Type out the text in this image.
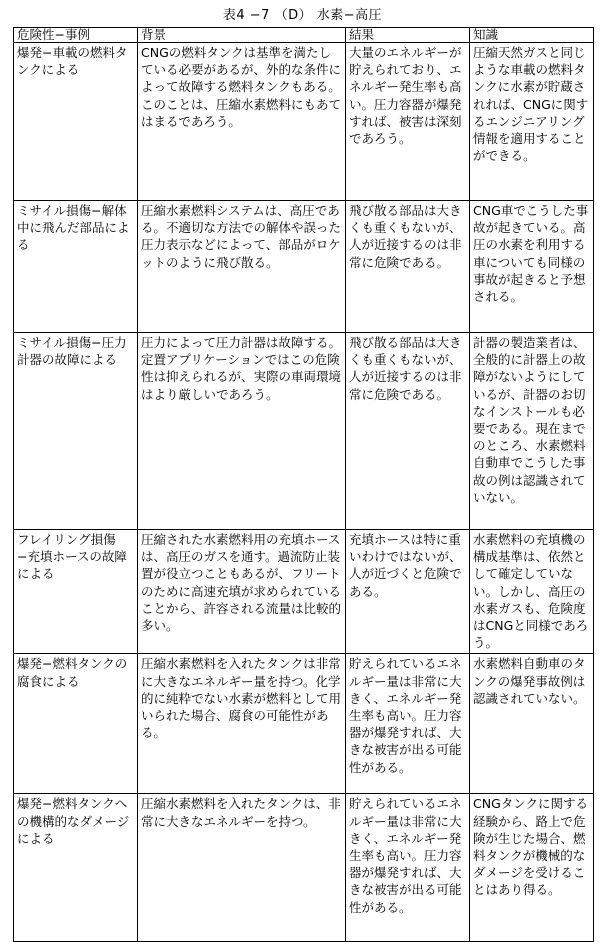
表4 −7 （D） 水素−高圧
危険性−事例	背景	結果	知識
爆発−車載の燃料タンクによる	CNGの燃料タンクは基準を満たしている必要があるが、外的な条件によって故障する燃料タンクもある。このことは、圧縮水素燃料にもあてはまるであろう。	大量のエネルギーが貯えられており、エネルギー発生率も高い。圧力容器が爆発すれば、被害は深刻であろう。	圧縮天然ガスと同じような車載の燃料タンクに水素が貯蔵されれば、CNGに関するエンジニアリング情報を適用することができる。
ミサイル損傷−解体中に飛んだ部品による	圧縮水素燃料システムは、高圧である。不適切な方法での解体や誤った圧力表示などによって、部品がロケットのように飛び散る。	飛び散る部品は大きくも重くもないが、人が近接するのは非常に危険である。	CNG車でこうした事故が起きている。高圧の水素を利用する車についても同様の事故が起きると予想される。
ミサイル損傷−圧力計器の故障による	圧力によって圧力計器は故障する。定置アプリケーションではこの危険性は抑えられるが、実際の車両環境はより厳しいであろう。	飛び散る部品は大きくも重くもないが、人が近接するのは非常に危険である。	計器の製造業者は、全般的に計器上の故障がないようにしているが、計器のお切なインストールも必要である。現在までのところ、水素燃料自動車でこうした事故の例は認識されていない。
フレイリング損傷−充填ホースの故障による	圧縮された水素燃料用の充填ホースは、高圧のガスを通す。過流防止装置が役立つこともあるが、フリートのために高速充填が求められていることから、許容される流量は比較的多い。	充填ホースは特に重いわけではないが、人が近づくと危険である。	水素燃料の充填機の構成基準は、依然として確定していない。しかし、高圧の水素ガスも、危険度はCNGと同様であろう。
爆発−燃料タンクの腐食による	圧縮水素燃料を入れたタンクは非常に大きなエネルギー量を持つ。化学的に純粋でない水素が燃料として用いられた場合、腐食の可能性がある。	貯えられているエネルギー量は非常に大きく、エネルギー発生率も高い。圧力容器が爆発すれば、大きな被害が出る可能性がある。	水素燃料自動車のタンクの爆発事故例は認識されていない。
爆発−燃料タンクへの機構的なダメージによる	圧縮水素燃料を入れたタンクは、非常に大きなエネルギーを持つ。	貯えられているエネルギー量は非常に大きく、エネルギー発生率も高い。圧力容器が爆発すれば、大きな被害が出る可能性がある。	CNGタンクに関する経験から、路上で危険が生じた場合、燃料タンクが機械的なダメージを受けることはあり得る。
